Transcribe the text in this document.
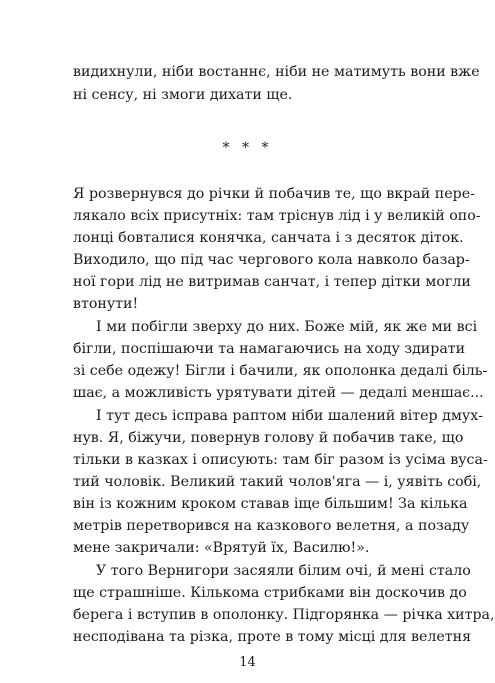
видихнули, ніби востаннє, ніби не матимуть вони вже
ні сенсу, ні змоги дихати ще.
* * *
Я розвернувся до річки й побачив те, що вкрай пере-
лякало всіх присутніх: там тріснув лід і у великій опо-
лонці бовталися конячка, санчата і з десяток діток.
Виходило, що під час чергового кола навколо базар-
ної гори лід не витримав санчат, і тепер дітки могли
втонути!
І ми побігли зверху до них. Боже мій, як же ми всі
бігли, поспішаючи та намагаючись на ходу здирати
зі себе одежу! Бігли і бачили, як ополонка дедалі біль-
шає, а можливість урятувати дітей — дедалі меншає...
І тут десь ісправа раптом ніби шалений вітер дмух-
нув. Я, біжучи, повернув голову й побачив таке, що
тільки в казках і описують: там біг разом із усіма вуса-
тий чоловік. Великий такий чолов'яга — і, уявіть собі,
він із кожним кроком ставав іще більшим! За кілька
метрів перетворився на казкового велетня, а позаду
мене закричали: «Врятуй їх, Василю!».
У того Вернигори засяяли білим очі, й мені стало
ще страшніше. Кількома стрибками він доскочив до
берега і вступив в ополонку. Підгорянка — річка хитра,
несподівана та різка, проте в тому місці для велетня
14
